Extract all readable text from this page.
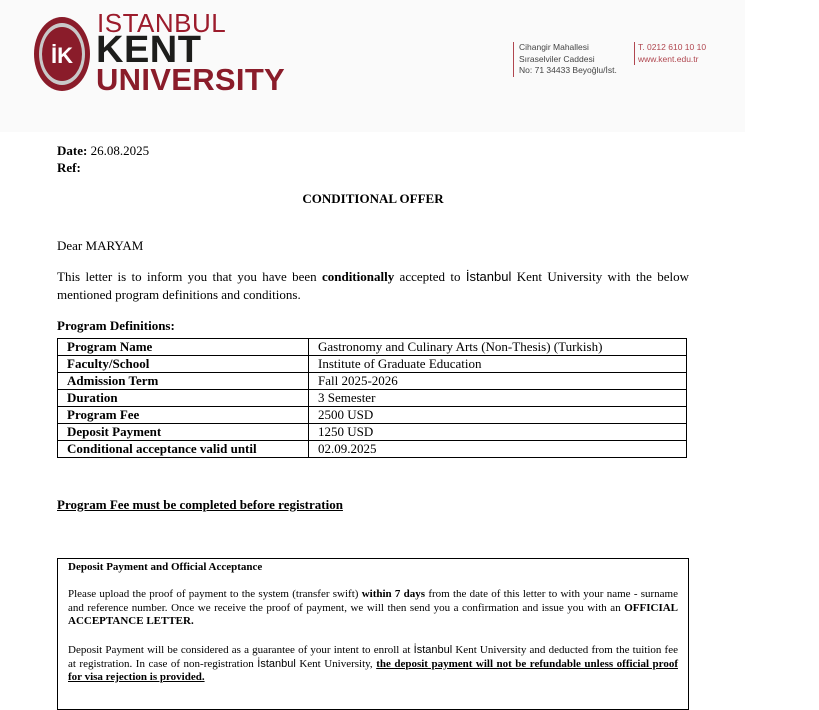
İK
ISTANBUL
KENT
UNIVERSITY
Cihangir Mahallesi
Sıraselviler Caddesi
No: 71 34433 Beyoğlu/İst.
T. 0212 610 10 10
www.kent.edu.tr
Date: 26.08.2025
Ref:
CONDITIONAL OFFER
Dear MARYAM
This letter is to inform you that you have been conditionally accepted to İstanbul Kent University with the below mentioned program definitions and conditions.
Program Definitions:
Program Name	Gastronomy and Culinary Arts (Non-Thesis) (Turkish)
Faculty/School	Institute of Graduate Education
Admission Term	Fall 2025-2026
Duration	3 Semester
Program Fee	2500 USD
Deposit Payment	1250 USD
Conditional acceptance valid until	02.09.2025
Program Fee must be completed before registration
Deposit Payment and Official Acceptance
Please upload the proof of payment to the system (transfer swift) within 7 days from the date of this letter to with your name - surname and reference number. Once we receive the proof of payment, we will then send you a confirmation and issue you with an OFFICIAL ACCEPTANCE LETTER.
Deposit Payment will be considered as a guarantee of your intent to enroll at İstanbul Kent University and deducted from the tuition fee at registration. In case of non-registration İstanbul Kent University, the deposit payment will not be refundable unless official proof for visa rejection is provided.
